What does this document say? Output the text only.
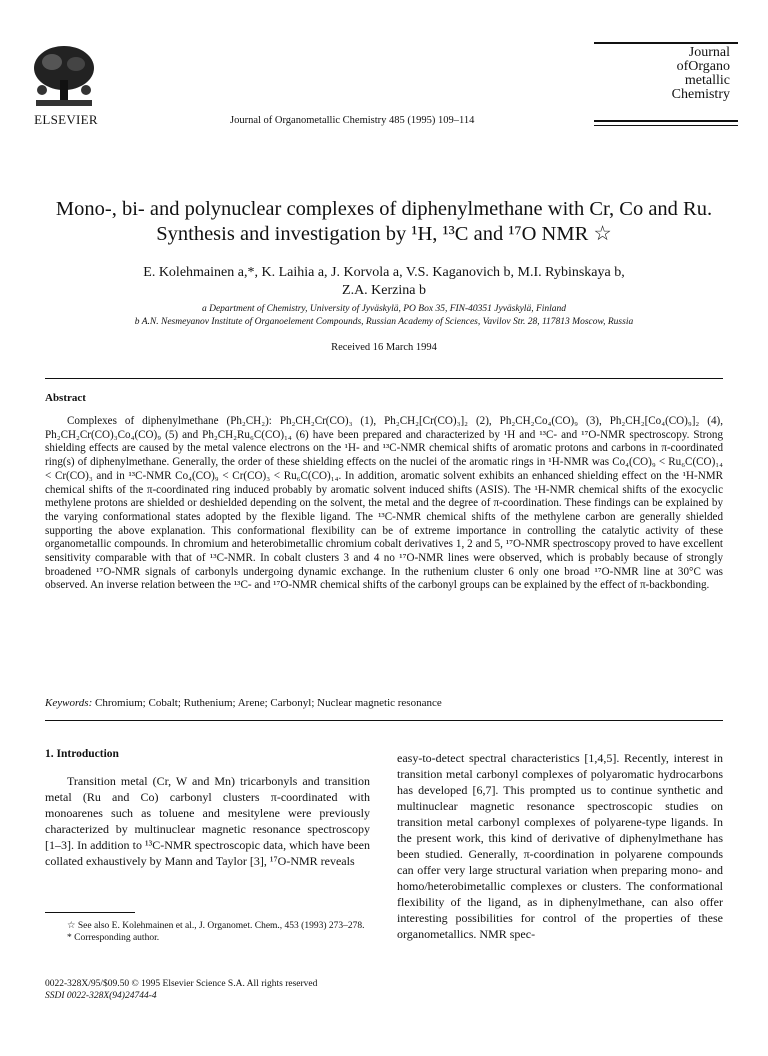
ELSEVIER	Journal of Organometallic Chemistry 485 (1995) 109–114
Journal
ofOrgano
metallic
Chemistry
Mono-, bi- and polynuclear complexes of diphenylmethane with Cr, Co and Ru. Synthesis and investigation by ¹H, ¹³C and ¹⁷O NMR ☆
E. Kolehmainen a,*, K. Laihia a, J. Korvola a, V.S. Kaganovich b, M.I. Rybinskaya b,
Z.A. Kerzina b
a Department of Chemistry, University of Jyväskylä, PO Box 35, FIN-40351 Jyväskylä, Finland
b A.N. Nesmeyanov Institute of Organoelement Compounds, Russian Academy of Sciences, Vavilov Str. 28, 117813 Moscow, Russia
Received 16 March 1994
Abstract
Complexes of diphenylmethane (Ph₂CH₂): Ph₂CH₂Cr(CO)₃ (1), Ph₂CH₂[Cr(CO)₃]₂ (2), Ph₂CH₂Co₄(CO)₉ (3), Ph₂CH₂[Co₄(CO)₉]₂ (4), Ph₂CH₂Cr(CO)₃Co₄(CO)₉ (5) and Ph₂CH₂Ru₆C(CO)₁₄ (6) have been prepared and characterized by ¹H and ¹³C- and ¹⁷O-NMR spectroscopy. Strong shielding effects are caused by the metal valence electrons on the ¹H- and ¹³C-NMR chemical shifts of aromatic protons and carbons in π-coordinated ring(s) of diphenylmethane. Generally, the order of these shielding effects on the nuclei of the aromatic rings in ¹H-NMR was Co₄(CO)₉ < Ru₆C(CO)₁₄ < Cr(CO)₃ and in ¹³C-NMR Co₄(CO)₉ < Cr(CO)₃ < Ru₆C(CO)₁₄. In addition, aromatic solvent exhibits an enhanced shielding effect on the ¹H-NMR chemical shifts of the π-coordinated ring induced probably by aromatic solvent induced shifts (ASIS). The ¹H-NMR chemical shifts of the exocyclic methylene protons are shielded or deshielded depending on the solvent, the metal and the degree of π-coordination. These findings can be explained by the varying conformational states adopted by the flexible ligand. The ¹³C-NMR chemical shifts of the methylene carbon are generally shielded supporting the above explanation. This conformational flexibility can be of extreme importance in controlling the catalytic activity of these organometallic compounds. In chromium and heterobimetallic chromium cobalt derivatives 1, 2 and 5, ¹⁷O-NMR spectroscopy proved to have excellent sensitivity comparable with that of ¹³C-NMR. In cobalt clusters 3 and 4 no ¹⁷O-NMR lines were observed, which is probably because of strongly broadened ¹⁷O-NMR signals of carbonyls undergoing dynamic exchange. In the ruthenium cluster 6 only one broad ¹⁷O-NMR line at 30°C was observed. An inverse relation between the ¹³C- and ¹⁷O-NMR chemical shifts of the carbonyl groups can be explained by the effect of π-backbonding.
Keywords: Chromium; Cobalt; Ruthenium; Arene; Carbonyl; Nuclear magnetic resonance
1. Introduction
Transition metal (Cr, W and Mn) tricarbonyls and transition metal (Ru and Co) carbonyl clusters π-coordinated with monoarenes such as toluene and mesitylene were previously characterized by multinuclear magnetic resonance spectroscopy [1–3]. In addition to ¹³C-NMR spectroscopic data, which have been collated exhaustively by Mann and Taylor [3], ¹⁷O-NMR reveals
easy-to-detect spectral characteristics [1,4,5]. Recently, interest in transition metal carbonyl complexes of polyaromatic hydrocarbons has developed [6,7]. This prompted us to continue synthetic and multinuclear magnetic resonance spectroscopic studies on transition metal carbonyl complexes of polyarene-type ligands. In the present work, this kind of derivative of diphenylmethane has been studied. Generally, π-coordination in polyarene compounds can offer very large structural variation when preparing mono- and homo/heterobimetallic complexes or clusters. The conformational flexibility of the ligand, as in diphenylmethane, can also offer interesting possibilities for control of the properties of these organometallics. NMR spec-
☆ See also E. Kolehmainen et al., J. Organomet. Chem., 453 (1993) 273–278.
* Corresponding author.
0022-328X/95/$09.50 © 1995 Elsevier Science S.A. All rights reserved
SSDI 0022-328X(94)24744-4
